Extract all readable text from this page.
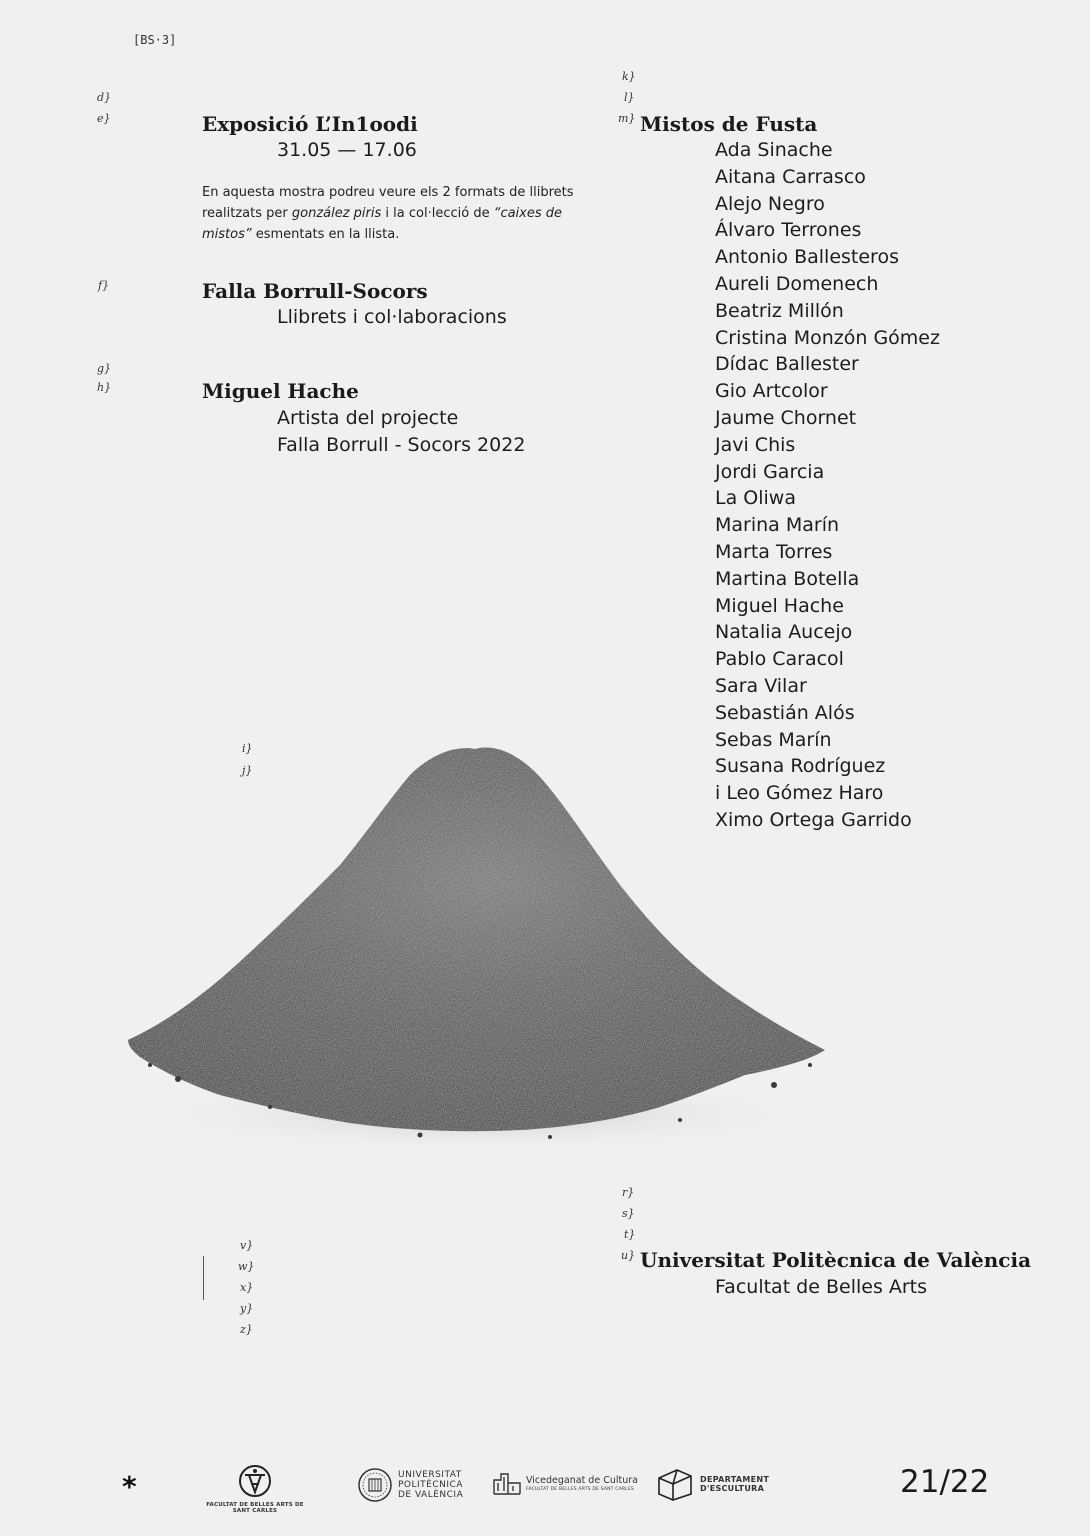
[BS·3]
d}
e}
f}
g}
h}
i}
j}
k}
l}
m}
Exposició L’In1oodi
31.05 — 17.06
En aquesta mostra podreu veure els 2 formats de llibrets
realitzats per gonzález piris i la col·lecció de “caixes de
mistos” esmentats en la llista.
Falla Borrull-Socors
Llibrets i col·laboracions
Miguel Hache
Artista del projecte
Falla Borrull - Socors 2022
Mistos de Fusta
Ada Sinache
Aitana Carrasco
Alejo Negro
Álvaro Terrones
Antonio Ballesteros
Aureli Domenech
Beatriz Millón
Cristina Monzón Gómez
Dídac Ballester
Gio Artcolor
Jaume Chornet
Javi Chis
Jordi Garcia
La Oliwa
Marina Marín
Marta Torres
Martina Botella
Miguel Hache
Natalia Aucejo
Pablo Caracol
Sara Vilar
Sebastián Alós
Sebas Marín
Susana Rodríguez
i Leo Gómez Haro
Ximo Ortega Garrido
r}
s}
t}
u} Universitat Politècnica de València
Facultat de Belles Arts
v}
w}
x}
y}
z}
*
FACULTAT DE BELLES ARTS DE SANT CARLES
UNIVERSITAT
POLITÈCNICA
DE VALÈNCIA
Vicedeganat de Cultura
FACULTAT DE BELLES ARTS DE SANT CARLES
DEPARTAMENT
D'ESCULTURA	21/22
